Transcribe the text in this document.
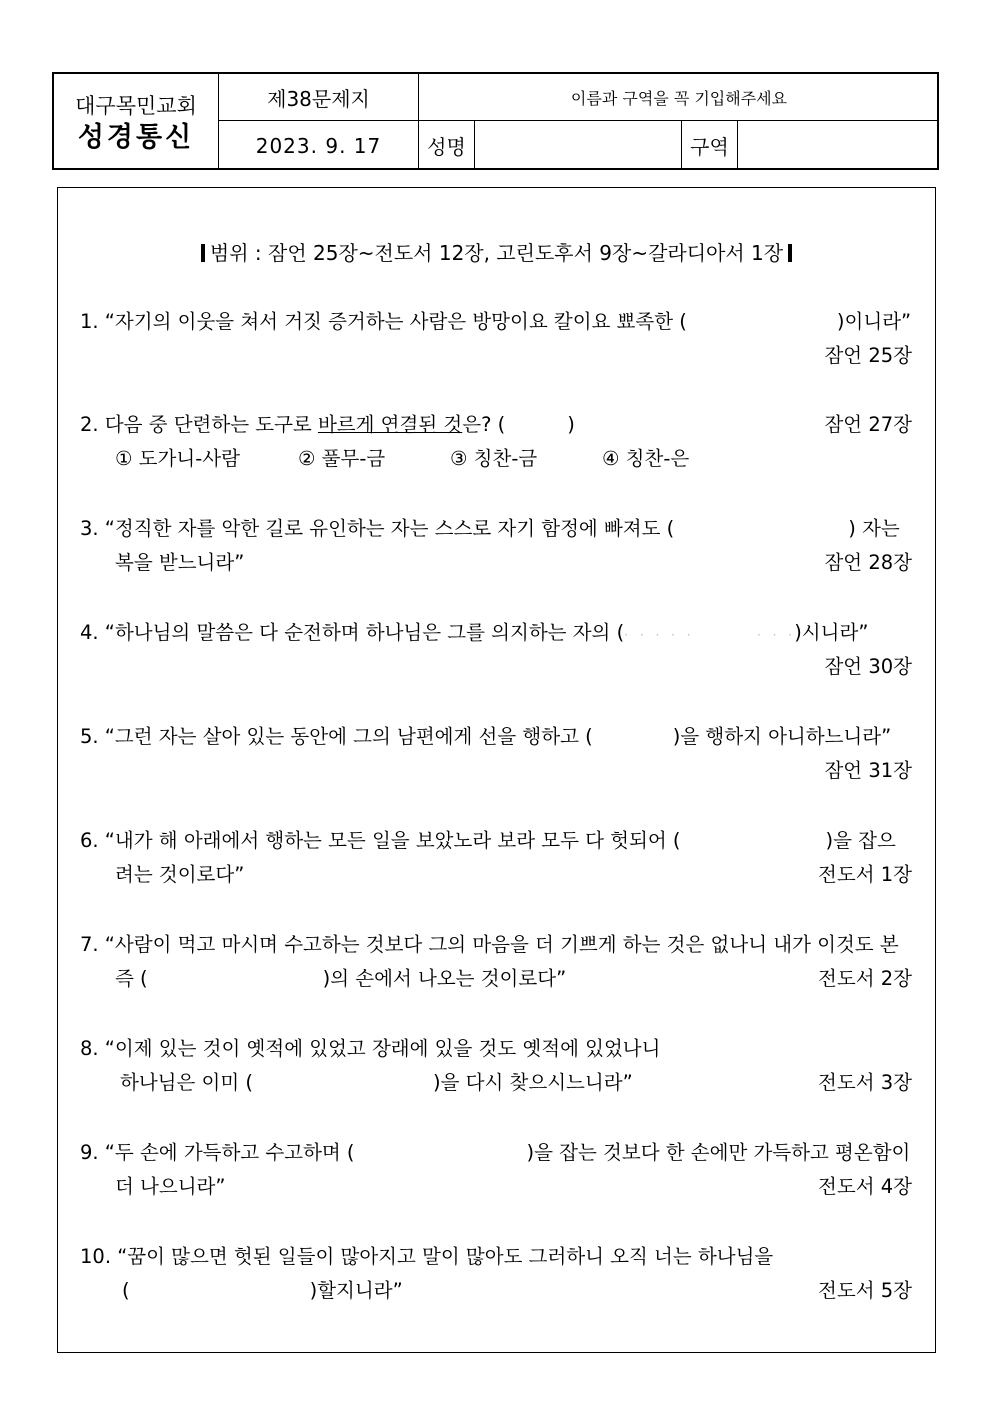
대구목민교회
성경통신
제38문제지	이름과 구역을 꼭 기입해주세요
2023. 9. 17	성명	구역
범위 : 잠언 25장~전도서 12장, 고린도후서 9장~갈라디아서 1장
1. “자기의 이웃을 쳐서 거짓 증거하는 사람은 방망이요 칼이요 뾰족한 (	)이니라”
잠언 25장
2. 다음 중 단련하는 도구로 바르게 연결된 것은? (	)	잠언 27장
① 도가니-사람	② 풀무-금	③ 칭찬-금	④ 칭찬-은
3. “정직한 자를 악한 길로 유인하는 자는 스스로 자기 함정에 빠져도 (	) 자는
복을 받느니라”	잠언 28장
4. “하나님의 말씀은 다 순전하며 하나님은 그를 의지하는 자의 (· · · · ·        · · ·)시니라”
잠언 30장
5. “그런 자는 살아 있는 동안에 그의 남편에게 선을 행하고 (	)을 행하지 아니하느니라”
잠언 31장
6. “내가 해 아래에서 행하는 모든 일을 보았노라 보라 모두 다 헛되어 (	)을 잡으
려는 것이로다”	전도서 1장
7. “사람이 먹고 마시며 수고하는 것보다 그의 마음을 더 기쁘게 하는 것은 없나니 내가 이것도 본
즉 (	)의 손에서 나오는 것이로다”	전도서 2장
8. “이제 있는 것이 옛적에 있었고 장래에 있을 것도 옛적에 있었나니
하나님은 이미 (	)을 다시 찾으시느니라”	전도서 3장
9. “두 손에 가득하고 수고하며 (	)을 잡는 것보다 한 손에만 가득하고 평온함이
더 나으니라”	전도서 4장
10. “꿈이 많으면 헛된 일들이 많아지고 말이 많아도 그러하니 오직 너는 하나님을
(	)할지니라”	전도서 5장
